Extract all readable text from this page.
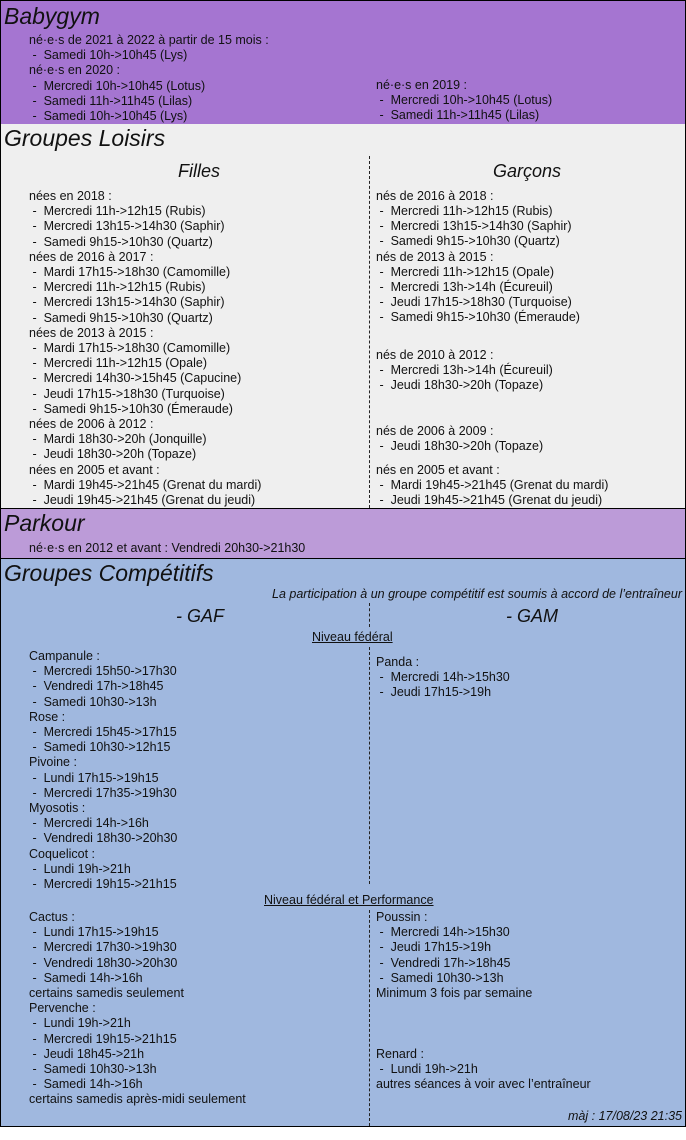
Babygym
né·e·s de 2021 à 2022 à partir de 15 mois :
-  Samedi 10h->10h45 (Lys)
né·e·s en 2020 :
-  Mercredi 10h->10h45 (Lotus)
-  Samedi 11h->11h45 (Lilas)
-  Samedi 10h->10h45 (Lys)
né·e·s en 2019 :
-  Mercredi 10h->10h45 (Lotus)
-  Samedi 11h->11h45 (Lilas)
Groupes Loisirs
Filles	Garçons
nées en 2018 :
-  Mercredi 11h->12h15 (Rubis)
-  Mercredi 13h15->14h30 (Saphir)
-  Samedi 9h15->10h30 (Quartz)
nées de 2016 à 2017 :
-  Mardi 17h15->18h30 (Camomille)
-  Mercredi 11h->12h15 (Rubis)
-  Mercredi 13h15->14h30 (Saphir)
-  Samedi 9h15->10h30 (Quartz)
nées de 2013 à 2015 :
-  Mardi 17h15->18h30 (Camomille)
-  Mercredi 11h->12h15 (Opale)
-  Mercredi 14h30->15h45 (Capucine)
-  Jeudi 17h15->18h30 (Turquoise)
-  Samedi 9h15->10h30 (Émeraude)
nées de 2006 à 2012 :
-  Mardi 18h30->20h (Jonquille)
-  Jeudi 18h30->20h (Topaze)
nées en 2005 et avant :
-  Mardi 19h45->21h45 (Grenat du mardi)
-  Jeudi 19h45->21h45 (Grenat du jeudi)
nés de 2016 à 2018 :
-  Mercredi 11h->12h15 (Rubis)
-  Mercredi 13h15->14h30 (Saphir)
-  Samedi 9h15->10h30 (Quartz)
nés de 2013 à 2015 :
-  Mercredi 11h->12h15 (Opale)
-  Mercredi 13h->14h (Écureuil)
-  Jeudi 17h15->18h30 (Turquoise)
-  Samedi 9h15->10h30 (Émeraude)
nés de 2010 à 2012 :
-  Mercredi 13h->14h (Écureuil)
-  Jeudi 18h30->20h (Topaze)
nés de 2006 à 2009 :
-  Jeudi 18h30->20h (Topaze)
nés en 2005 et avant :
-  Mardi 19h45->21h45 (Grenat du mardi)
-  Jeudi 19h45->21h45 (Grenat du jeudi)
Parkour
né·e·s en 2012 et avant : Vendredi 20h30->21h30
Groupes Compétitifs
La participation à un groupe compétitif est soumis à accord de l’entraîneur
- GAF	- GAM
Niveau fédéral
Campanule :
-  Mercredi 15h50->17h30
-  Vendredi 17h->18h45
-  Samedi 10h30->13h
Rose :
-  Mercredi 15h45->17h15
-  Samedi 10h30->12h15
Pivoine :
-  Lundi 17h15->19h15
-  Mercredi 17h35->19h30
Myosotis :
-  Mercredi 14h->16h
-  Vendredi 18h30->20h30
Coquelicot :
-  Lundi 19h->21h
-  Mercredi 19h15->21h15
Panda :
-  Mercredi 14h->15h30
-  Jeudi 17h15->19h
Niveau fédéral et Performance
Cactus :
-  Lundi 17h15->19h15
-  Mercredi 17h30->19h30
-  Vendredi 18h30->20h30
-  Samedi 14h->16h
certains samedis seulement
Pervenche :
-  Lundi 19h->21h
-  Mercredi 19h15->21h15
-  Jeudi 18h45->21h
-  Samedi 10h30->13h
-  Samedi 14h->16h
certains samedis après-midi seulement
Poussin :
-  Mercredi 14h->15h30
-  Jeudi 17h15->19h
-  Vendredi 17h->18h45
-  Samedi 10h30->13h
Minimum 3 fois par semaine
Renard :
-  Lundi 19h->21h
autres séances à voir avec l’entraîneur
màj : 17/08/23 21:35
